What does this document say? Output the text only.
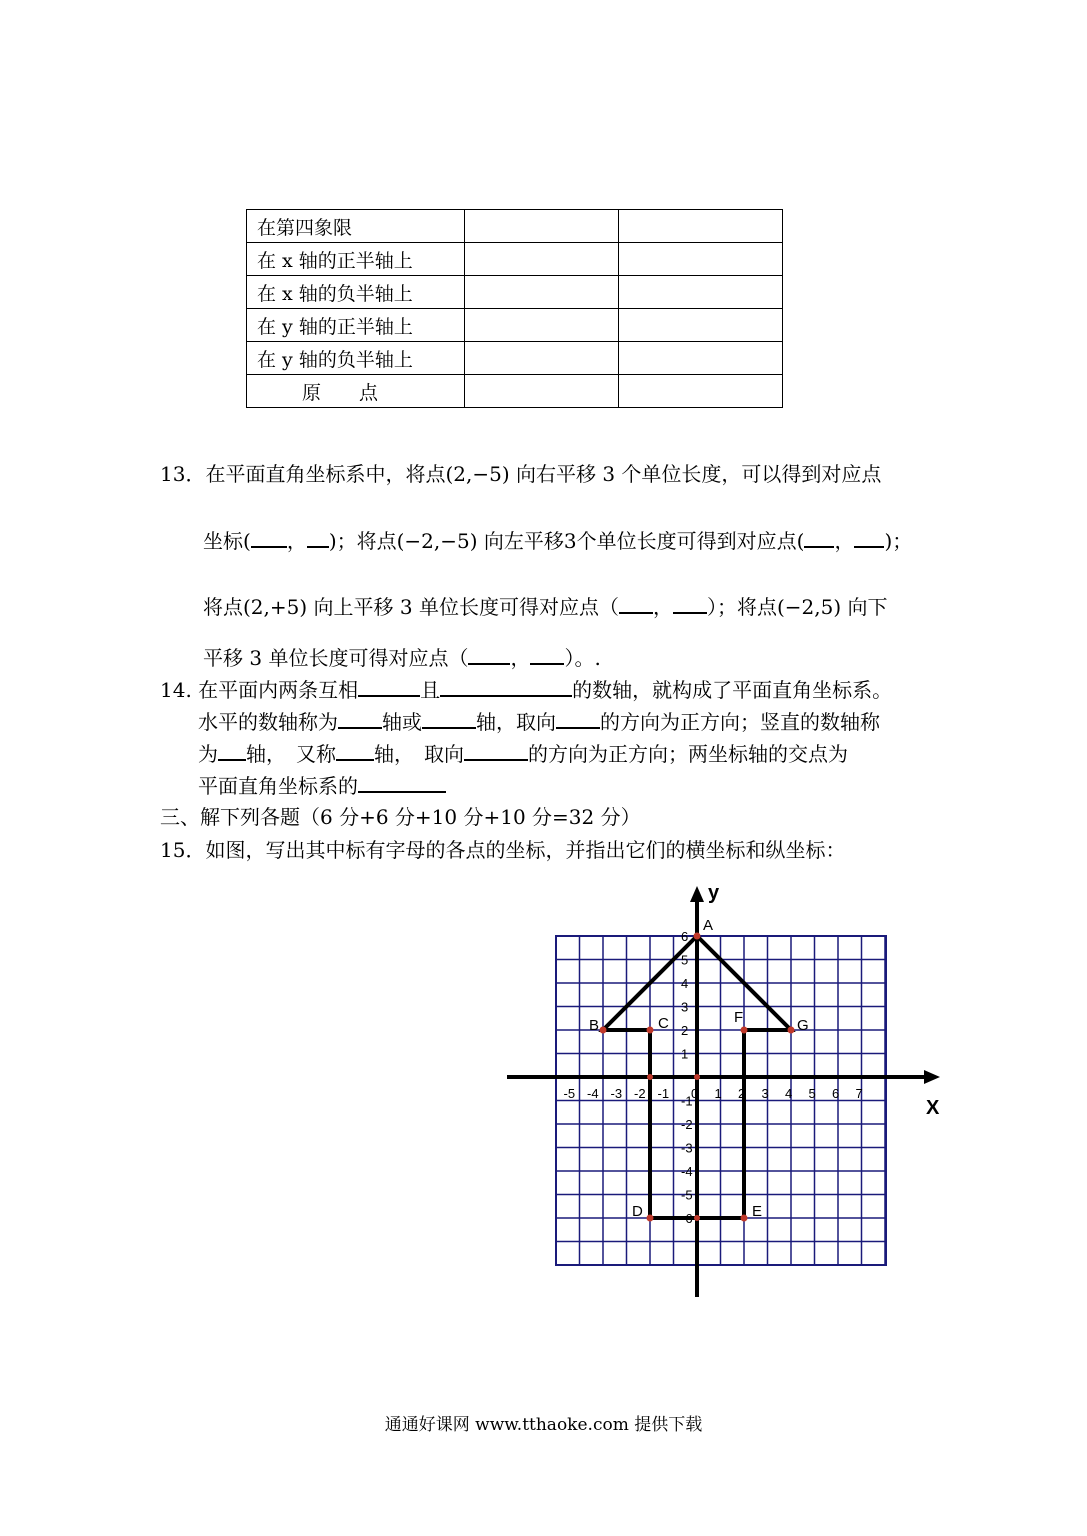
在第四象限		
在 x 轴的正半轴上		
在 x 轴的负半轴上		
在 y 轴的正半轴上		
在 y 轴的负半轴上		
原　　点		
13．在平面直角坐标系中，将点(2,−5) 向右平移 3 个单位长度，可以得到对应点
坐标( ， )；将点(−2,−5) 向左平移3个单位长度可得到对应点( ， )；
将点(2,+5) 向上平移 3 单位长度可得对应点（ ， ）；将点(−2,5) 向下
平移 3 单位长度可得对应点（ ， ）。.
14. 在平面内两条互相	且	的数轴，就构成了平面直角坐标系。
水平的数轴称为 轴或	轴，取向 的方向为正方向；竖直的数轴称
为 轴，　又称 轴，　取向	的方向为正方向；两坐标轴的交点为
平面直角坐标系的
三、解下列各题（6 分+6 分+10 分+10 分=32 分）
15．如图，写出其中标有字母的各点的坐标，并指出它们的横坐标和纵坐标：
X
y
-5 -4 -3 -2 -1 0 1 2 3 4 5 6 7
6
5
4
3
2
1
-1
-2
-3
-4
-5
-6
A
B	C
D	E
F	G
通通好课网 www.tthaoke.com 提供下载
